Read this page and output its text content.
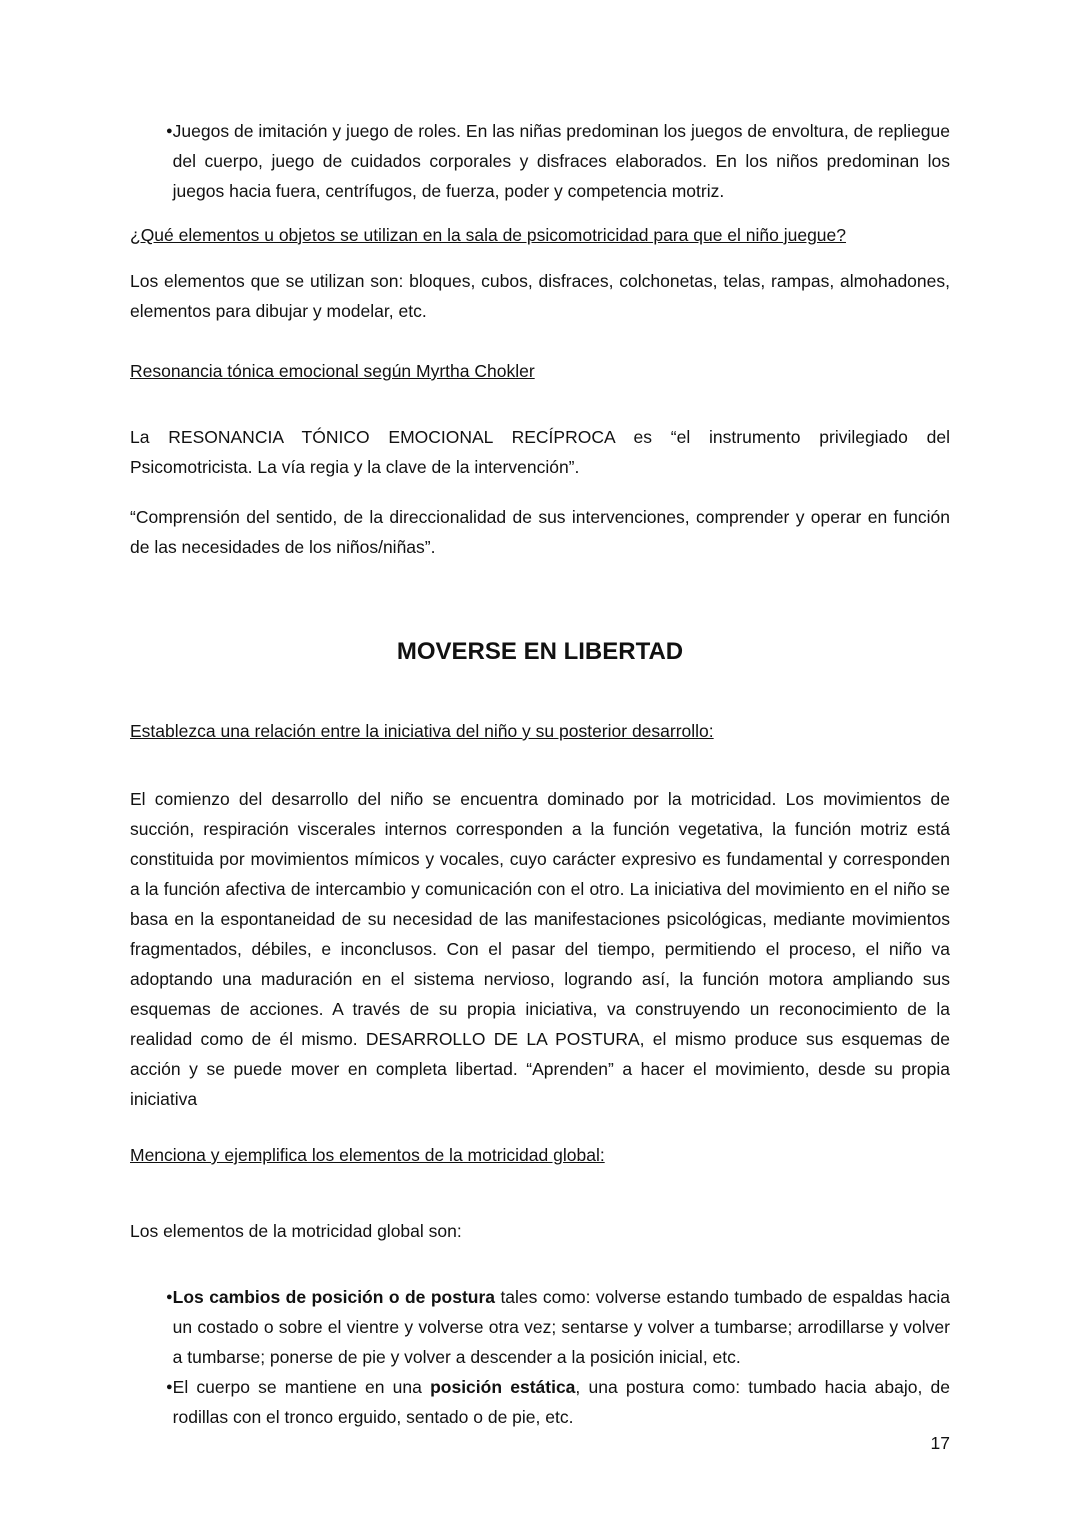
● Juegos de imitación y juego de roles. En las niñas predominan los juegos de envoltura, de repliegue del cuerpo, juego de cuidados corporales y disfraces elaborados. En los niños predominan los juegos hacia fuera, centrífugos, de fuerza, poder y competencia motriz.
¿Qué elementos u objetos se utilizan en la sala de psicomotricidad para que el niño juegue?

Los elementos que se utilizan son: bloques, cubos, disfraces, colchonetas, telas, rampas, almohadones, elementos para dibujar y modelar, etc.

Resonancia tónica emocional según Myrtha Chokler

La RESONANCIA TÓNICO EMOCIONAL RECÍPROCA es “el instrumento privilegiado del Psicomotricista. La vía regia y la clave de la intervención”.

“Comprensión del sentido, de la direccionalidad de sus intervenciones, comprender y operar en función de las necesidades de los niños/niñas”.

MOVERSE EN LIBERTAD
Establezca una relación entre la iniciativa del niño y su posterior desarrollo:

El comienzo del desarrollo del niño se encuentra dominado por la motricidad. Los movimientos de succión, respiración viscerales internos corresponden a la función vegetativa, la función motriz está constituida por movimientos mímicos y vocales, cuyo carácter expresivo es fundamental y corresponden a la función afectiva de intercambio y comunicación con el otro. La iniciativa del movimiento en el niño se basa en la espontaneidad de su necesidad de las manifestaciones psicológicas, mediante movimientos fragmentados, débiles, e inconclusos. Con el pasar del tiempo, permitiendo el proceso, el niño va adoptando una maduración en el sistema nervioso, logrando así, la función motora ampliando sus esquemas de acciones. A través de su propia iniciativa, va construyendo un reconocimiento de la realidad como de él mismo. DESARROLLO DE LA POSTURA, el mismo produce sus esquemas de acción y se puede mover en completa libertad. “Aprenden” a hacer el movimiento, desde su propia iniciativa

Menciona y ejemplifica los elementos de la motricidad global:

Los elementos de la motricidad global son:

● Los cambios de posición o de postura tales como: volverse estando tumbado de espaldas hacia un costado o sobre el vientre y volverse otra vez; sentarse y volver a tumbarse; arrodillarse y volver a tumbarse; ponerse de pie y volver a descender a la posición inicial, etc.
● El cuerpo se mantiene en una posición estática, una postura como: tumbado hacia abajo, de rodillas con el tronco erguido, sentado o de pie, etc.
17
